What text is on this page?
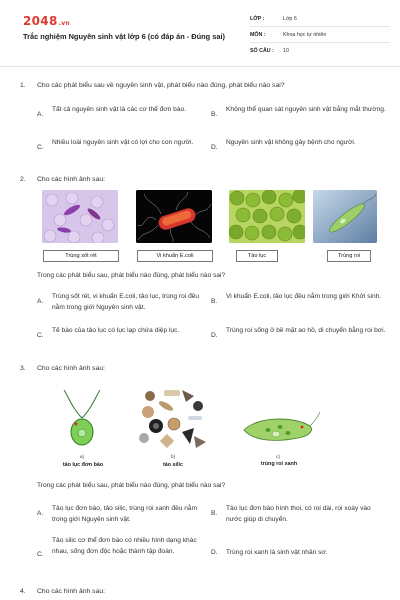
2048.vn
Trắc nghiệm Nguyên sinh vật lớp 6 (có đáp án - Đúng sai)
LỚP :	Lớp 6
MÔN :	Khoa học tự nhiên
SỐ CÂU :	10
1.	Cho các phát biểu sau về nguyên sinh vật, phát biểu nào đúng, phát biểu nào sai?
A.
Tất cả nguyên sinh vật là các cơ thể đơn bào.
B.
Không thể quan sát nguyên sinh vật bằng mắt thường.
C.
Nhiều loài nguyên sinh vật có lợi cho con người.
D.
Nguyên sinh vật không gây bệnh cho người.
2.	Cho các hình ảnh sau:
Trùng sốt rét	Vi khuẩn E.coli	Tảo lục	Trùng roi
Trong các phát biểu sau, phát biểu nào đúng, phát biểu nào sai?
A.
Trùng sốt rét, vi khuẩn E.coli, tảo lục, trùng roi đều nằm trong giới Nguyên sinh vật.
B.
Vi khuẩn E.coli, tảo lục đều nằm trong giới Khởi sinh.
C.
Tế bào của tảo lục có lục lạp chứa diệp lục.
D.
Trùng roi sống ở bề mặt ao hồ, di chuyển bằng roi bơi.
3.	Cho các hình ảnh sau:
a)
tảo lục đơn bào
b)
tảo silic
c)
trùng roi xanh
Trong các phát biểu sau, phát biểu nào đúng, phát biểu nào sai?
A.
Tảo lục đơn bào, tảo silic, trùng roi xanh đều nằm trong giới Nguyên sinh vật.
B.
Tảo lục đơn bào hình thoi, có roi dài, roi xoáy vào nước giúp di chuyển.
C.
Tảo silic cơ thể đơn bào có nhiều hình dạng khác nhau, sống đơn độc hoặc thành tập đoàn.	D. Trùng roi xanh là sinh vật nhân sơ.
4.	Cho các hình ảnh sau:
